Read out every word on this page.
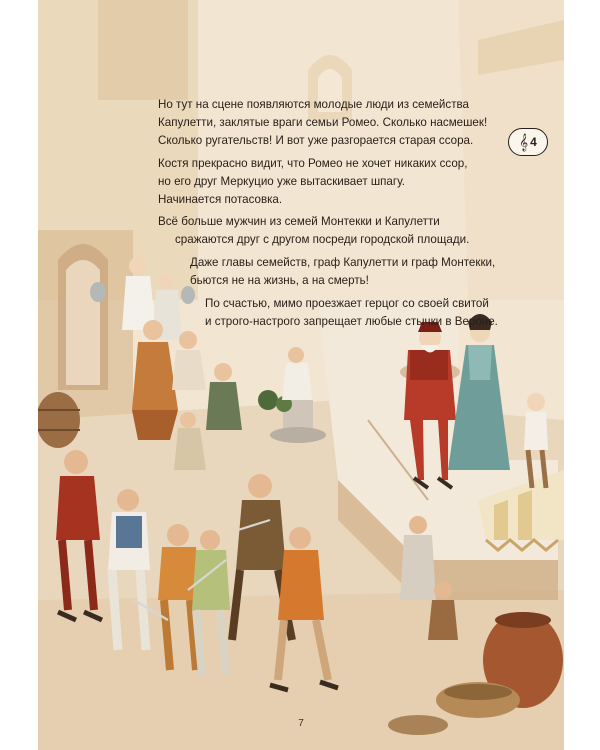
Но тут на сцене появляются молодые люди из семейства
Капулетти, заклятые враги семьи Ромео. Сколько насмешек!
Сколько ругательств! И вот уже разгорается старая ссора.
Костя прекрасно видит, что Ромео не хочет никаких ссор,
но его друг Меркуцио уже вытаскивает шпагу.
Начинается потасовка.
Всё больше мужчин из семей Монтекки и Капулетти
сражаются друг с другом посреди городской площади.
Даже главы семейств, граф Капулетти и граф Монтекки,
бьются не на жизнь, а на смерть!
По счастью, мимо проезжает герцог со своей свитой
и строго-настрого запрещает любые стычки в Вероне.
𝄞 4
7
